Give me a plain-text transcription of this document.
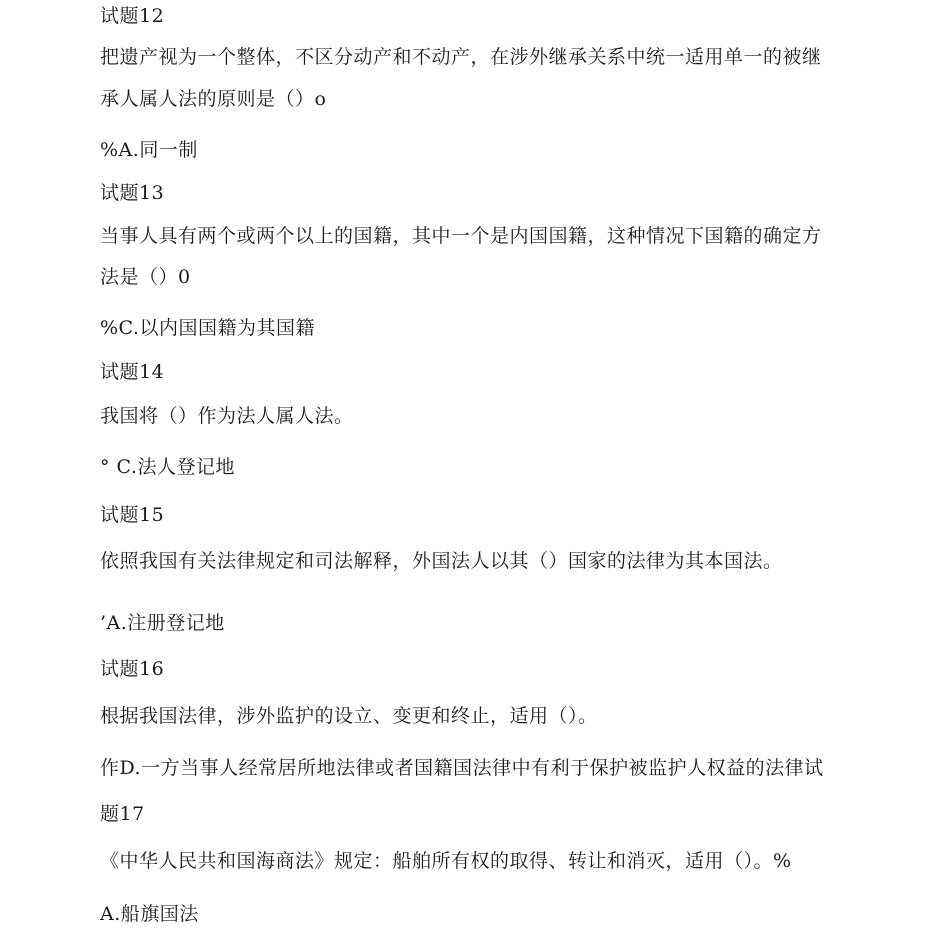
试题12
把遗产视为一个整体，不区分动产和不动产，在涉外继承关系中统一适用单一的被继
承人属人法的原则是（）o
%A.同一制
试题13
当事人具有两个或两个以上的国籍，其中一个是内国国籍，这种情况下国籍的确定方
法是（）0
%C.以内国国籍为其国籍
试题14
我国将（）作为法人属人法。
° C.法人登记地
试题15
依照我国有关法律规定和司法解释，外国法人以其（）国家的法律为其本国法。
’A.注册登记地
试题16
根据我国法律，涉外监护的设立、变更和终止，适用（）。
作D.一方当事人经常居所地法律或者国籍国法律中有利于保护被监护人权益的法律试
题17
《中华人民共和国海商法》规定：船舶所有权的取得、转让和消灭，适用（）。%
A.船旗国法
